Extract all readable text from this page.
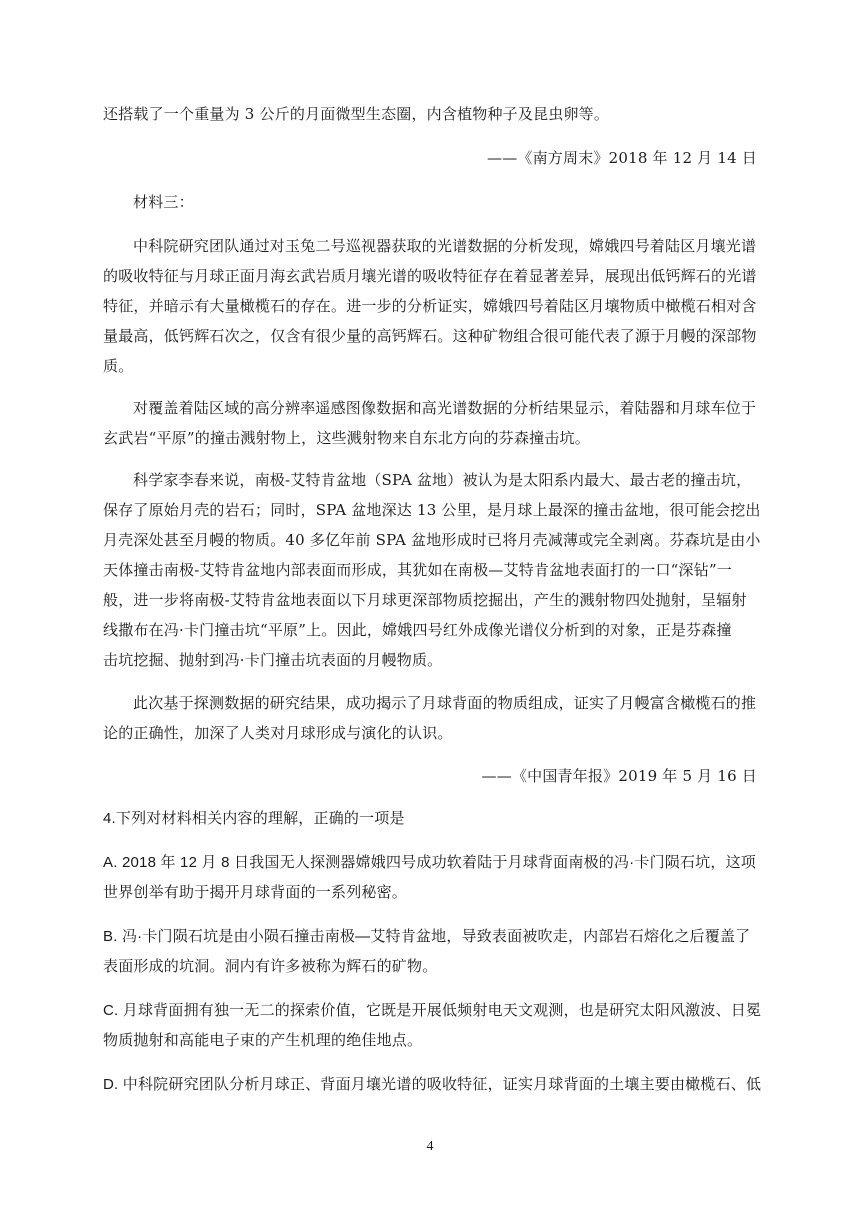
还搭载了一个重量为 3 公斤的月面微型生态圈，内含植物种子及昆虫卵等。
——《南方周末》2018 年 12 月 14 日
材料三：
中科院研究团队通过对玉兔二号巡视器获取的光谱数据的分析发现，嫦娥四号着陆区月壤光谱
的吸收特征与月球正面月海玄武岩质月壤光谱的吸收特征存在着显著差异，展现出低钙辉石的光谱
特征，并暗示有大量橄榄石的存在。进一步的分析证实，嫦娥四号着陆区月壤物质中橄榄石相对含
量最高，低钙辉石次之，仅含有很少量的高钙辉石。这种矿物组合很可能代表了源于月幔的深部物
质。
对覆盖着陆区域的高分辨率遥感图像数据和高光谱数据的分析结果显示，着陆器和月球车位于
玄武岩“平原”的撞击溅射物上，这些溅射物来自东北方向的芬森撞击坑。
科学家李春来说，南极-艾特肯盆地（SPA 盆地）被认为是太阳系内最大、最古老的撞击坑，
保存了原始月壳的岩石；同时，SPA 盆地深达 13 公里，是月球上最深的撞击盆地，很可能会挖出
月壳深处甚至月幔的物质。40 多亿年前 SPA 盆地形成时已将月壳减薄或完全剥离。芬森坑是由小
天体撞击南极-艾特肯盆地内部表面而形成，其犹如在南极—艾特肯盆地表面打的一口“深钻”一
般，进一步将南极-艾特肯盆地表面以下月球更深部物质挖掘出，产生的溅射物四处抛射，呈辐射
线撒布在冯·卡门撞击坑“平原”上。因此，嫦娥四号红外成像光谱仪分析到的对象，正是芬森撞
击坑挖掘、抛射到冯·卡门撞击坑表面的月幔物质。
此次基于探测数据的研究结果，成功揭示了月球背面的物质组成，证实了月幔富含橄榄石的推
论的正确性，加深了人类对月球形成与演化的认识。
——《中国青年报》2019 年 5 月 16 日
4.下列对材料相关内容的理解，正确的一项是
A. 2018 年 12 月 8 日我国无人探测器嫦娥四号成功软着陆于月球背面南极的冯·卡门陨石坑，这项
世界创举有助于揭开月球背面的一系列秘密。
B. 冯·卡门陨石坑是由小陨石撞击南极—艾特肯盆地，导致表面被吹走，内部岩石熔化之后覆盖了
表面形成的坑洞。洞内有许多被称为辉石的矿物。
C. 月球背面拥有独一无二的探索价值，它既是开展低频射电天文观测，也是研究太阳风激波、日冕
物质抛射和高能电子束的产生机理的绝佳地点。
D. 中科院研究团队分析月球正、背面月壤光谱的吸收特征，证实月球背面的土壤主要由橄榄石、低
4
